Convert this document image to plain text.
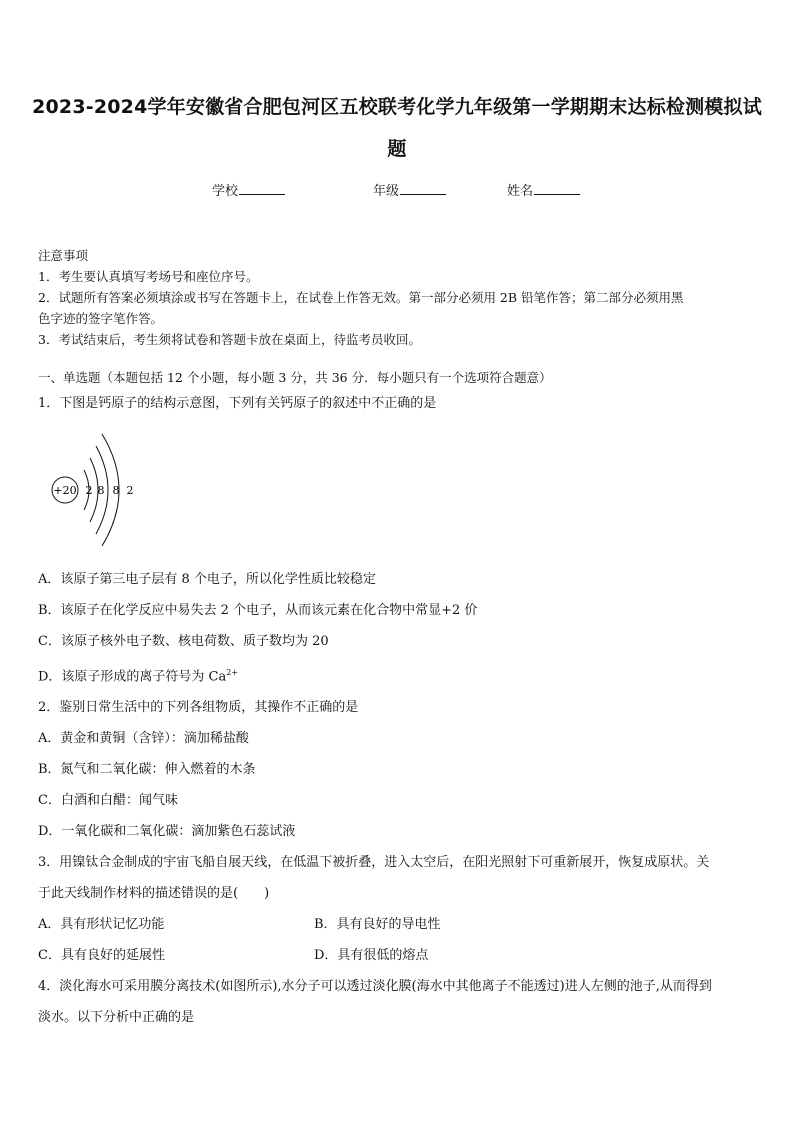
2023-2024学年安徽省合肥包河区五校联考化学九年级第一学期期末达标检测模拟试
题
学校	年级	姓名

注意事项

1．考生要认真填写考场号和座位序号。

2．试题所有答案必须填涂或书写在答题卡上，在试卷上作答无效。第一部分必须用 2B 铅笔作答；第二部分必须用黑

色字迹的签字笔作答。

3．考试结束后，考生须将试卷和答题卡放在桌面上，待监考员收回。

一、单选题（本题包括 12 个小题，每小题 3 分，共 36 分．每小题只有一个选项符合题意）

1．下图是钙原子的结构示意图，下列有关钙原子的叙述中不正确的是

+20 2 8 8 2

A．该原子第三电子层有 8 个电子，所以化学性质比较稳定

B．该原子在化学反应中易失去 2 个电子，从而该元素在化合物中常显+2 价

C．该原子核外电子数、核电荷数、质子数均为 20

D．该原子形成的离子符号为 $Ca^{2+}$

2．鉴别日常生活中的下列各组物质，其操作不正确的是

A．黄金和黄铜（含锌）：滴加稀盐酸

B．氮气和二氧化碳：伸入燃着的木条

C．白酒和白醋：闻气味

D．一氧化碳和二氧化碳：滴加紫色石蕊试液

3．用镍钛合金制成的宇宙飞船自展天线，在低温下被折叠，进入太空后，在阳光照射下可重新展开，恢复成原状。关

于此天线制作材料的描述错误的是(　　)

A．具有形状记忆功能	B．具有良好的导电性
C．具有良好的延展性	D．具有很低的熔点

4．淡化海水可采用膜分离技术(如图所示),水分子可以透过淡化膜(海水中其他离子不能透过)进人左侧的池子,从而得到

淡水。以下分析中正确的是
